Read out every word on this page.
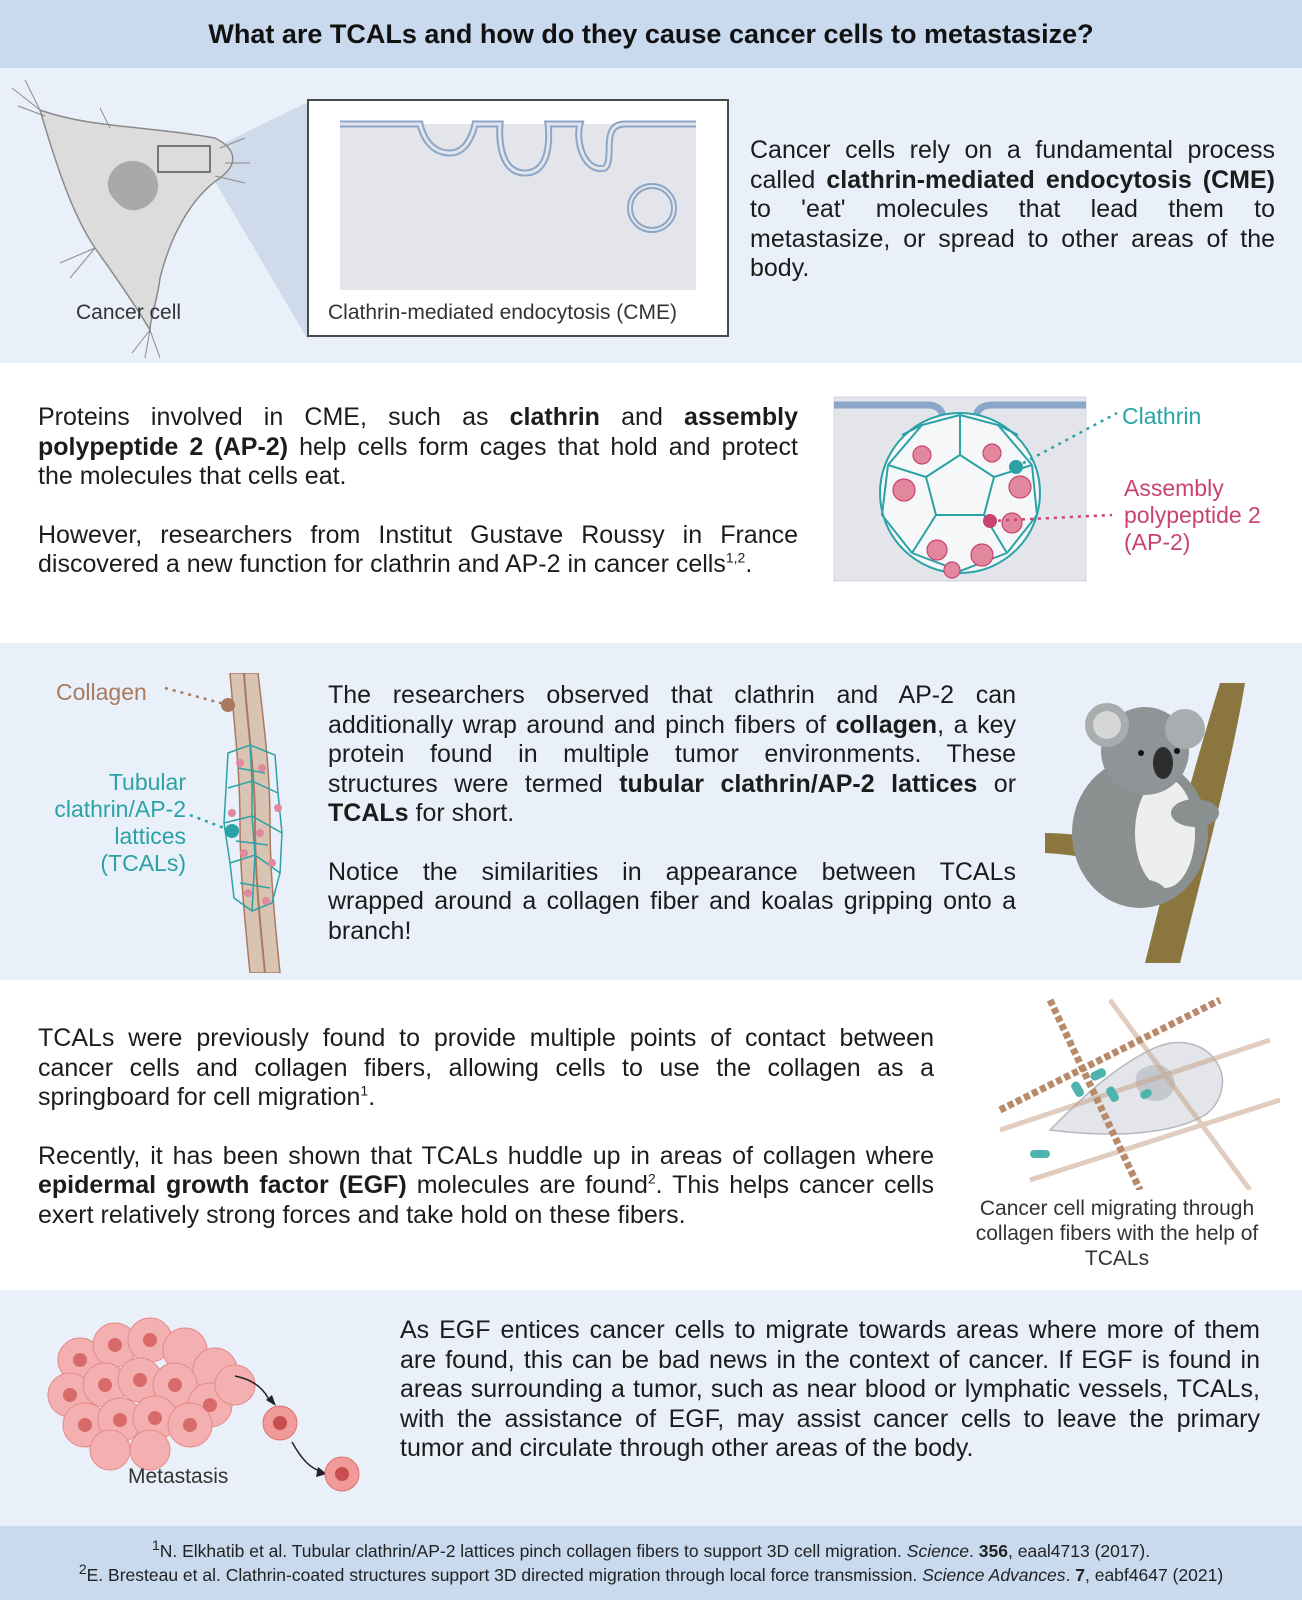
What are TCALs and how do they cause cancer cells to metastasize?
Cancer cell	Clathrin-mediated endocytosis (CME)
Cancer cells rely on a fundamental process called clathrin-mediated endocytosis (CME) to 'eat' molecules that lead them to metastasize, or spread to other areas of the body.

Proteins involved in CME, such as clathrin and assembly polypeptide 2 (AP-2) help cells form cages that hold and protect the molecules that cells eat.

However, researchers from Institut Gustave Roussy in France discovered a new function for clathrin and AP-2 in cancer cells$^{1,2}$.

Clathrin
Assembly polypeptide 2 (AP-2)
Collagen
Tubular clathrin/AP-2 lattices (TCALs)

The researchers observed that clathrin and AP-2 can additionally wrap around and pinch fibers of collagen, a key protein found in multiple tumor environments. These structures were termed tubular clathrin/AP-2 lattices or TCALs for short.

Notice the similarities in appearance between TCALs wrapped around a collagen fiber and koalas gripping onto a branch!

TCALs were previously found to provide multiple points of contact between cancer cells and collagen fibers, allowing cells to use the collagen as a springboard for cell migration$^1$.

Recently, it has been shown that TCALs huddle up in areas of collagen where epidermal growth factor (EGF) molecules are found$^2$. This helps cancer cells exert relatively strong forces and take hold on these fibers.	Cancer cell migrating through collagen fibers with the help of TCALs
Metastasis
As EGF entices cancer cells to migrate towards areas where more of them are found, this can be bad news in the context of cancer. If EGF is found in areas surrounding a tumor, such as near blood or lymphatic vessels, TCALs, with the assistance of EGF, may assist cancer cells to leave the primary tumor and circulate through other areas of the body.
$^1$N. Elkhatib et al. Tubular clathrin/AP-2 lattices pinch collagen fibers to support 3D cell migration. Science. 356, eaal4713 (2017).
$^2$E. Bresteau et al. Clathrin-coated structures support 3D directed migration through local force transmission. Science Advances. 7, eabf4647 (2021)
